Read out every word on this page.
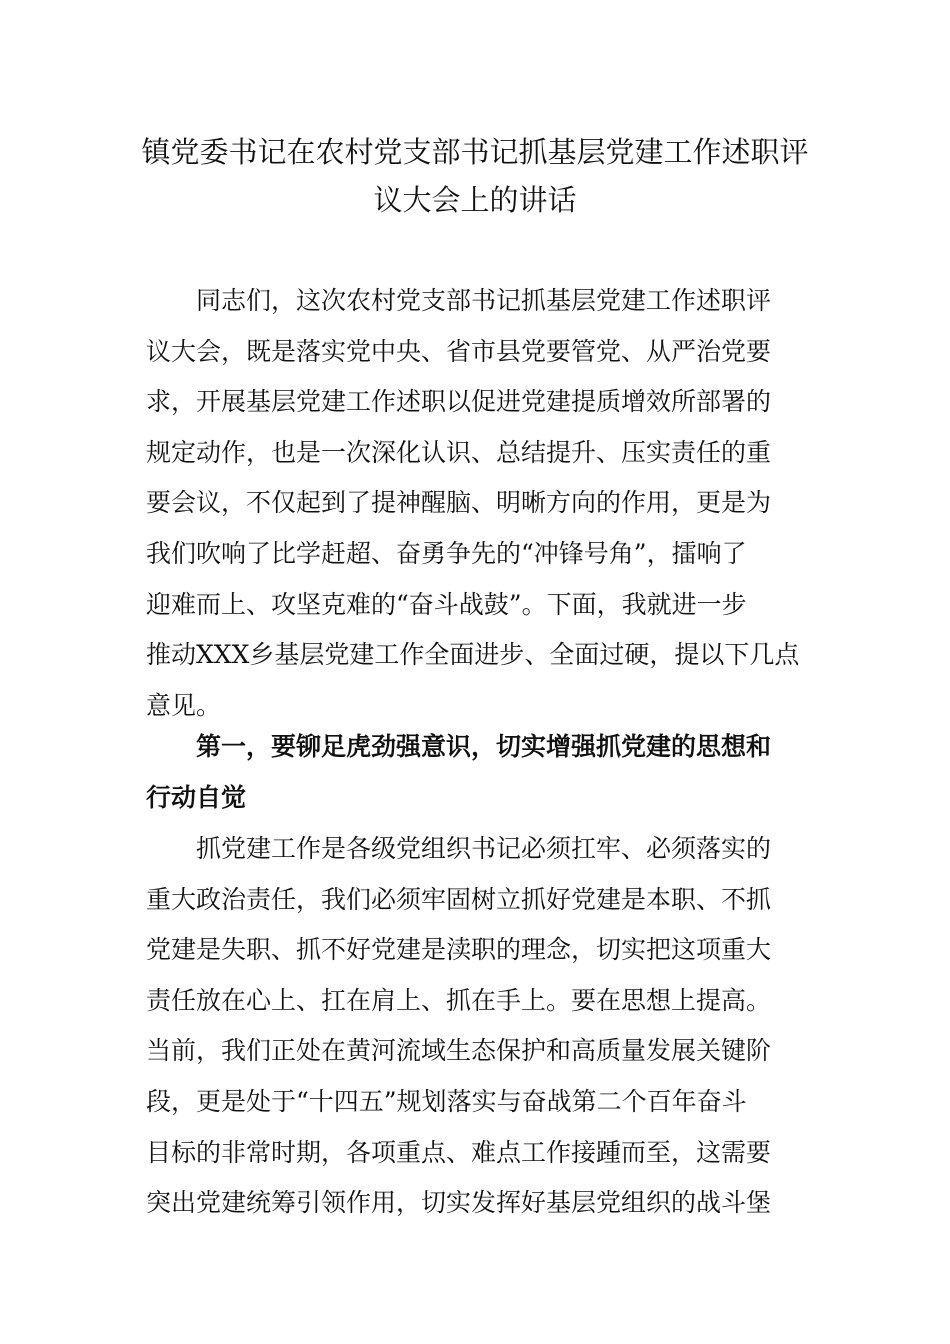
镇党委书记在农村党支部书记抓基层党建工作述职评
议大会上的讲话
同志们，这次农村党支部书记抓基层党建工作述职评
议大会，既是落实党中央、省市县党要管党、从严治党要
求，开展基层党建工作述职以促进党建提质增效所部署的
规定动作，也是一次深化认识、总结提升、压实责任的重
要会议，不仅起到了提神醒脑、明晰方向的作用，更是为
我们吹响了比学赶超、奋勇争先的“冲锋号角”，擂响了
迎难而上、攻坚克难的“奋斗战鼓”。下面，我就进一步
推动XXX乡基层党建工作全面进步、全面过硬，提以下几点
意见。
第一，要铆足虎劲强意识，切实增强抓党建的思想和
行动自觉
抓党建工作是各级党组织书记必须扛牢、必须落实的
重大政治责任，我们必须牢固树立抓好党建是本职、不抓
党建是失职、抓不好党建是渎职的理念，切实把这项重大
责任放在心上、扛在肩上、抓在手上。要在思想上提高。
当前，我们正处在黄河流域生态保护和高质量发展关键阶
段，更是处于“十四五”规划落实与奋战第二个百年奋斗
目标的非常时期，各项重点、难点工作接踵而至，这需要
突出党建统筹引领作用，切实发挥好基层党组织的战斗堡
